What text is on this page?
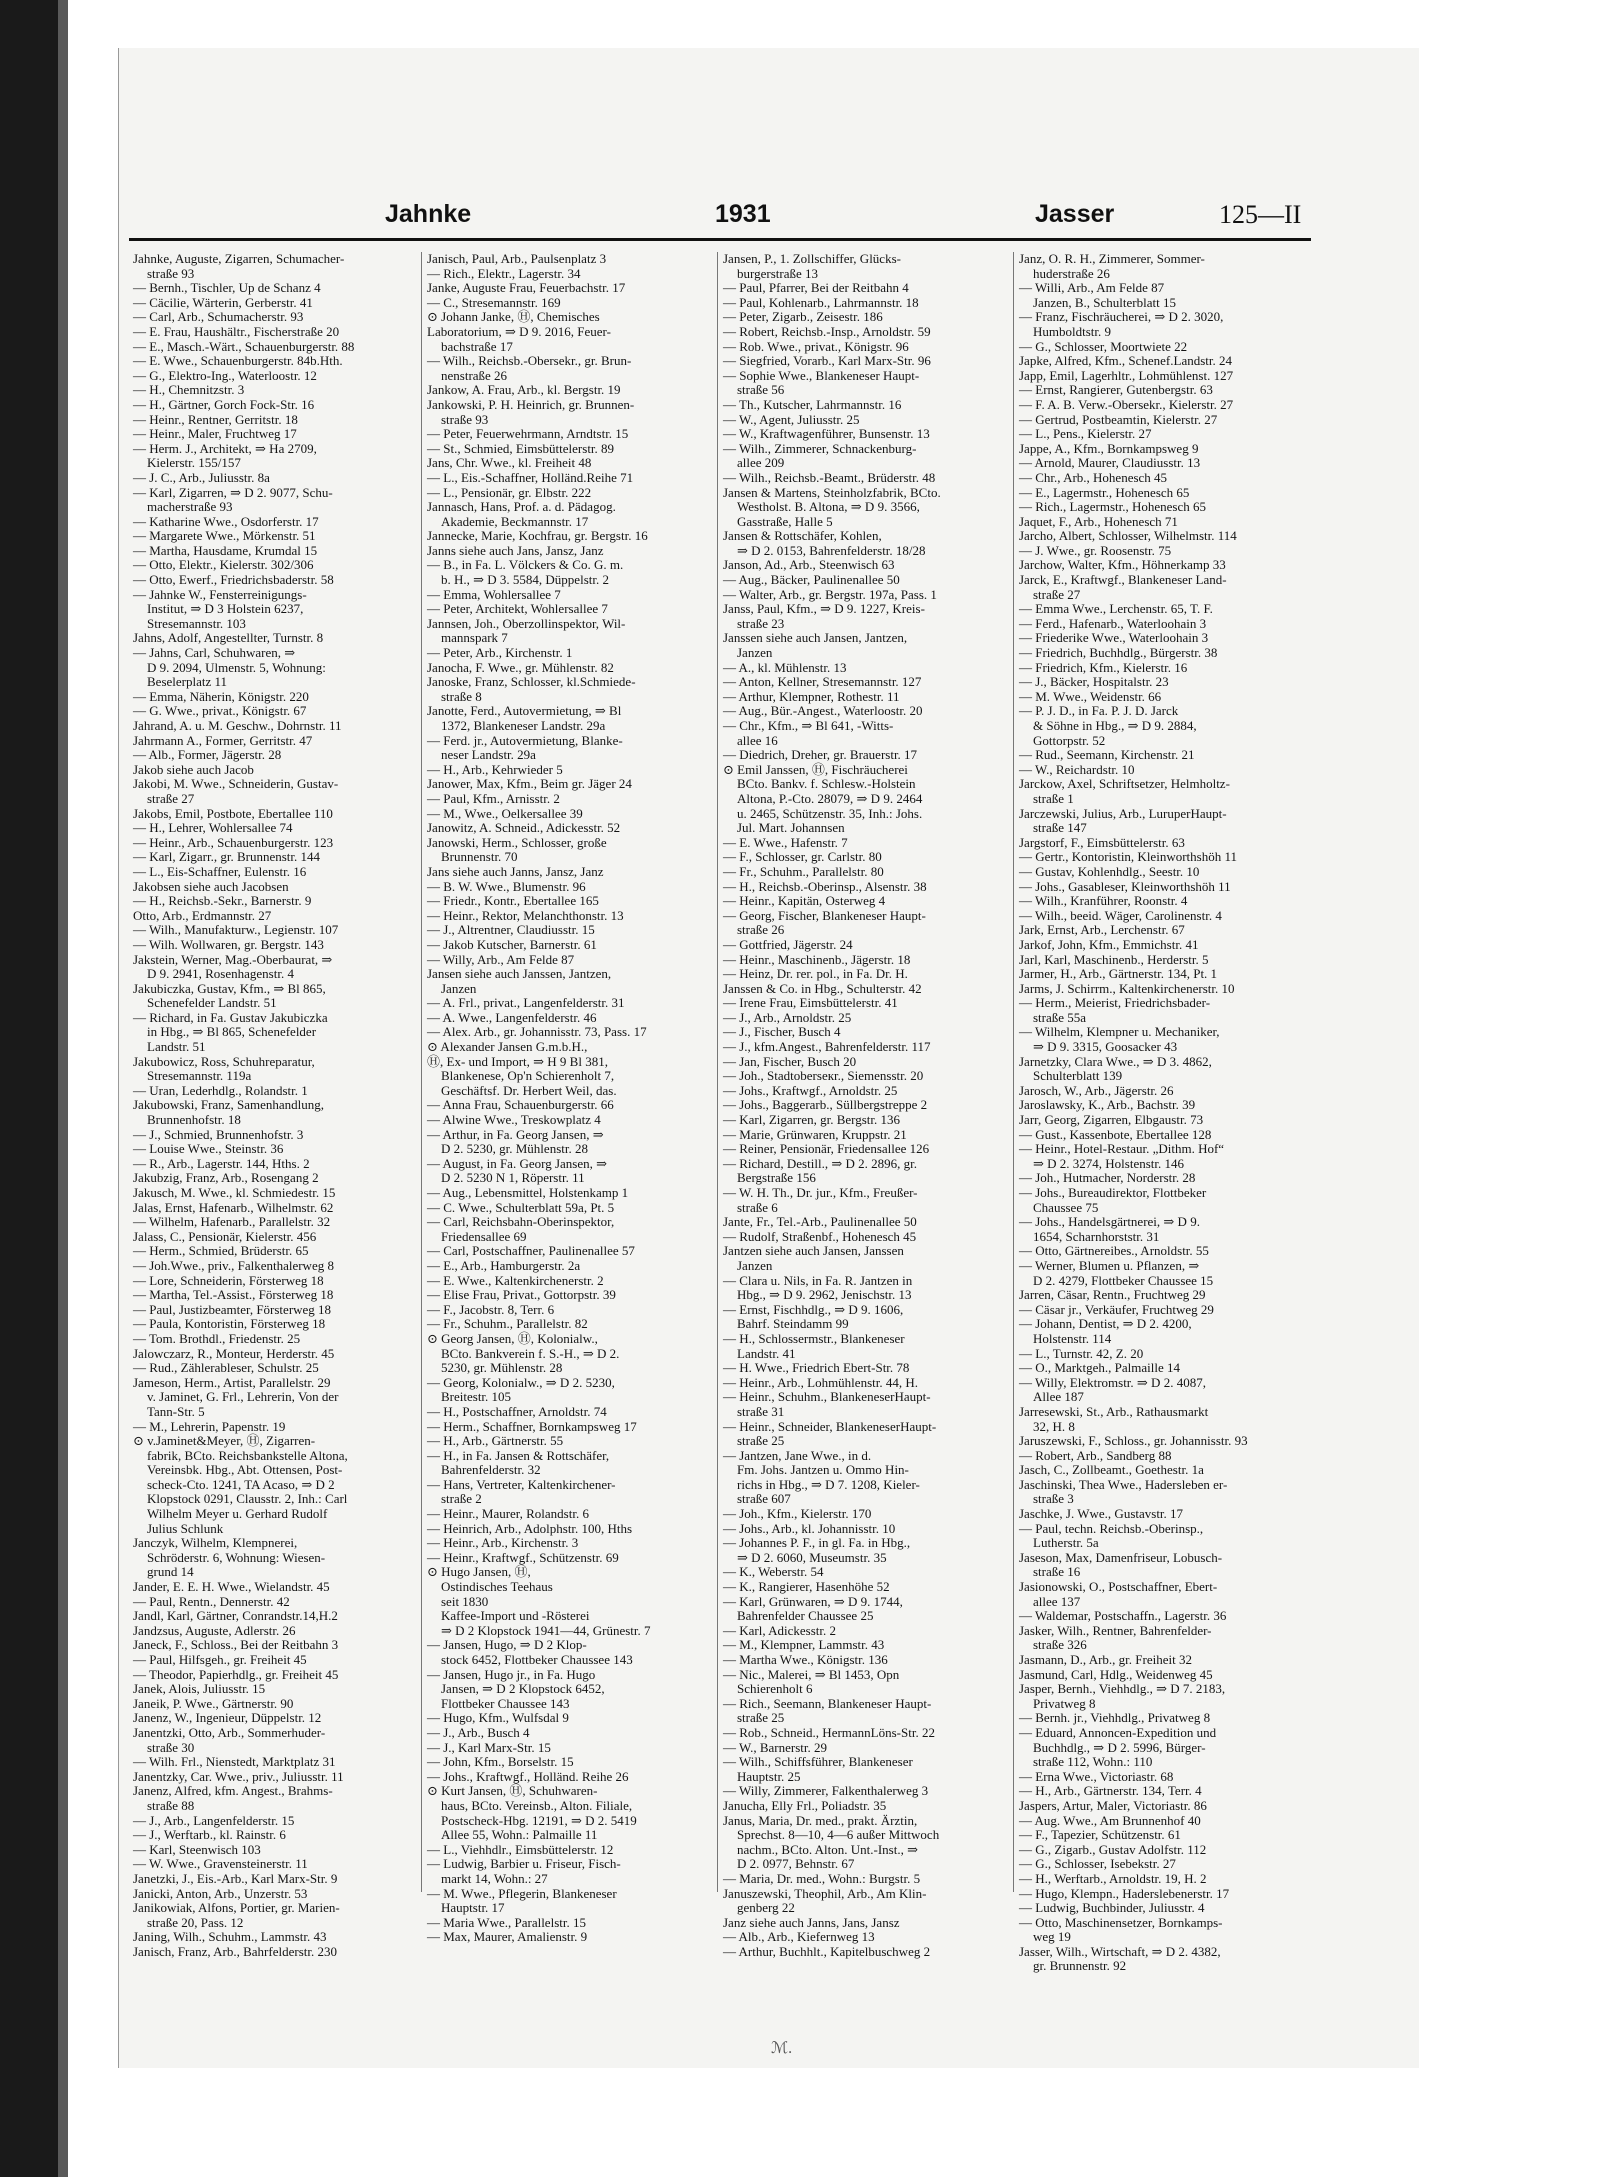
Jahnke	1931	Jasser	125—II
Jahnke, Auguste, Zigarren, Schumacher-
straße 93
— Bernh., Tischler, Up de Schanz 4
— Cäcilie, Wärterin, Gerberstr. 41
— Carl, Arb., Schumacherstr. 93
— E. Frau, Haushältr., Fischerstraße 20
— E., Masch.-Wärt., Schauenburgerstr. 88
— E. Wwe., Schauenburgerstr. 84b.Hth.
— G., Elektro-Ing., Waterloostr. 12
— H., Chemnitzstr. 3
— H., Gärtner, Gorch Fock-Str. 16
— Heinr., Rentner, Gerritstr. 18
— Heinr., Maler, Fruchtweg 17
— Herm. J., Architekt, ⇒ Ha 2709,
Kielerstr. 155/157
— J. C., Arb., Juliusstr. 8a
— Karl, Zigarren, ⇒ D 2. 9077, Schu-
macherstraße 93
— Katharine Wwe., Osdorferstr. 17
— Margarete Wwe., Mörkenstr. 51
— Martha, Hausdame, Krumdal 15
— Otto, Elektr., Kielerstr. 302/306
— Otto, Ewerf., Friedrichsbaderstr. 58
— Jahnke W., Fensterreinigungs-
Institut, ⇒ D 3 Holstein 6237,
Stresemannstr. 103
Jahns, Adolf, Angestellter, Turnstr. 8
— Jahns, Carl, Schuhwaren, ⇒
D 9. 2094, Ulmenstr. 5, Wohnung:
Beselerplatz 11
— Emma, Näherin, Königstr. 220
— G. Wwe., privat., Königstr. 67
Jahrand, A. u. M. Geschw., Dohrnstr. 11
Jahrmann A., Former, Gerritstr. 47
— Alb., Former, Jägerstr. 28
Jakob siehe auch Jacob
Jakobi, M. Wwe., Schneiderin, Gustav-
straße 27
Jakobs, Emil, Postbote, Ebertallee 110
— H., Lehrer, Wohlersallee 74
— Heinr., Arb., Schauenburgerstr. 123
— Karl, Zigarr., gr. Brunnenstr. 144
— L., Eis-Schaffner, Eulenstr. 16
Jakobsen siehe auch Jacobsen
— H., Reichsb.-Sekr., Barnerstr. 9
Otto, Arb., Erdmannstr. 27
— Wilh., Manufakturw., Legienstr. 107
— Wilh. Wollwaren, gr. Bergstr. 143
Jakstein, Werner, Mag.-Oberbaurat, ⇒
D 9. 2941, Rosenhagenstr. 4
Jakubiczka, Gustav, Kfm., ⇒ Bl 865,
Schenefelder Landstr. 51
— Richard, in Fa. Gustav Jakubiczka
in Hbg., ⇒ Bl 865, Schenefelder
Landstr. 51
Jakubowicz, Ross, Schuhreparatur,
Stresemannstr. 119a
— Uran, Lederhdlg., Rolandstr. 1
Jakubowski, Franz, Samenhandlung,
Brunnenhofstr. 18
— J., Schmied, Brunnenhofstr. 3
— Louise Wwe., Steinstr. 36
— R., Arb., Lagerstr. 144, Hths. 2
Jakubzig, Franz, Arb., Rosengang 2
Jakusch, M. Wwe., kl. Schmiedestr. 15
Jalas, Ernst, Hafenarb., Wilhelmstr. 62
— Wilhelm, Hafenarb., Parallelstr. 32
Jalass, C., Pensionär, Kielerstr. 456
— Herm., Schmied, Brüderstr. 65
— Joh.Wwe., priv., Falkenthalerweg 8
— Lore, Schneiderin, Försterweg 18
— Martha, Tel.-Assist., Försterweg 18
— Paul, Justizbeamter, Försterweg 18
— Paula, Kontoristin, Försterweg 18
— Tom. Brothdl., Friedenstr. 25
Jalowczarz, R., Monteur, Herderstr. 45
— Rud., Zählerableser, Schulstr. 25
Jameson, Herm., Artist, Parallelstr. 29
v. Jaminet, G. Frl., Lehrerin, Von der
Tann-Str. 5
— M., Lehrerin, Papenstr. 19
⊙ v.Jaminet&Meyer, Ⓗ, Zigarren-
fabrik, BCto. Reichsbankstelle Altona,
Vereinsbk. Hbg., Abt. Ottensen, Post-
scheck-Cto. 1241, TA Acaso, ⇒ D 2
Klopstock 0291, Clausstr. 2, Inh.: Carl
Wilhelm Meyer u. Gerhard Rudolf
Julius Schlunk
Janczyk, Wilhelm, Klempnerei,
Schröderstr. 6, Wohnung: Wiesen-
grund 14
Jander, E. E. H. Wwe., Wielandstr. 45
— Paul, Rentn., Dennerstr. 42
Jandl, Karl, Gärtner, Conrandstr.14,H.2
Jandzsus, Auguste, Adlerstr. 26
Janeck, F., Schloss., Bei der Reitbahn 3
— Paul, Hilfsgeh., gr. Freiheit 45
— Theodor, Papierhdlg., gr. Freiheit 45
Janek, Alois, Juliusstr. 15
Janeik, P. Wwe., Gärtnerstr. 90
Janenz, W., Ingenieur, Düppelstr. 12
Janentzki, Otto, Arb., Sommerhuder-
straße 30
— Wilh. Frl., Nienstedt, Marktplatz 31
Janentzky, Car. Wwe., priv., Juliusstr. 11
Janenz, Alfred, kfm. Angest., Brahms-
straße 88
— J., Arb., Langenfelderstr. 15
— J., Werftarb., kl. Rainstr. 6
— Karl, Steenwisch 103
— W. Wwe., Gravensteinerstr. 11
Janetzki, J., Eis.-Arb., Karl Marx-Str. 9
Janicki, Anton, Arb., Unzerstr. 53
Janikowiak, Alfons, Portier, gr. Marien-
straße 20, Pass. 12
Janing, Wilh., Schuhm., Lammstr. 43
Janisch, Franz, Arb., Bahrfelderstr. 230
Janisch, Paul, Arb., Paulsenplatz 3
— Rich., Elektr., Lagerstr. 34
Janke, Auguste Frau, Feuerbachstr. 17
— C., Stresemannstr. 169
⊙ Johann Janke, Ⓗ, Chemisches
Laboratorium, ⇒ D 9. 2016, Feuer-
bachstraße 17
— Wilh., Reichsb.-Obersekr., gr. Brun-
nenstraße 26
Jankow, A. Frau, Arb., kl. Bergstr. 19
Jankowski, P. H. Heinrich, gr. Brunnen-
straße 93
— Peter, Feuerwehrmann, Arndtstr. 15
— St., Schmied, Eimsbüttelerstr. 89
Jans, Chr. Wwe., kl. Freiheit 48
— L., Eis.-Schaffner, Holländ.Reihe 71
— L., Pensionär, gr. Elbstr. 222
Jannasch, Hans, Prof. a. d. Pädagog.
Akademie, Beckmannstr. 17
Jannecke, Marie, Kochfrau, gr. Bergstr. 16
Janns siehe auch Jans, Jansz, Janz
— B., in Fa. L. Völckers & Co. G. m.
b. H., ⇒ D 3. 5584, Düppelstr. 2
— Emma, Wohlersallee 7
— Peter, Architekt, Wohlersallee 7
Jannsen, Joh., Oberzollinspektor, Wil-
mannspark 7
— Peter, Arb., Kirchenstr. 1
Janocha, F. Wwe., gr. Mühlenstr. 82
Janoske, Franz, Schlosser, kl.Schmiede-
straße 8
Janotte, Ferd., Autovermietung, ⇒ Bl
1372, Blankeneser Landstr. 29a
— Ferd. jr., Autovermietung, Blanke-
neser Landstr. 29a
— H., Arb., Kehrwieder 5
Janower, Max, Kfm., Beim gr. Jäger 24
— Paul, Kfm., Arnisstr. 2
— M., Wwe., Oelkersallee 39
Janowitz, A. Schneid., Adickesstr. 52
Janowski, Herm., Schlosser, große
Brunnenstr. 70
Jans siehe auch Janns, Jansz, Janz
— B. W. Wwe., Blumenstr. 96
— Friedr., Kontr., Ebertallee 165
— Heinr., Rektor, Melanchthonstr. 13
— J., Altrentner, Claudiusstr. 15
— Jakob Kutscher, Barnerstr. 61
— Willy, Arb., Am Felde 87
Jansen siehe auch Janssen, Jantzen,
Janzen
— A. Frl., privat., Langenfelderstr. 31
— A. Wwe., Langenfelderstr. 46
— Alex. Arb., gr. Johannisstr. 73, Pass. 17
⊙ Alexander Jansen G.m.b.H.,
Ⓗ, Ex- und Import, ⇒ H 9 Bl 381,
Blankenese, Op'n Schierenholt 7,
Geschäftsf. Dr. Herbert Weil, das.
— Anna Frau, Schauenburgerstr. 66
— Alwine Wwe., Treskowplatz 4
— Arthur, in Fa. Georg Jansen, ⇒
D 2. 5230, gr. Mühlenstr. 28
— August, in Fa. Georg Jansen, ⇒
D 2. 5230 N 1, Röperstr. 11
— Aug., Lebensmittel, Holstenkamp 1
— C. Wwe., Schulterblatt 59a, Pt. 5
— Carl, Reichsbahn-Oberinspektor,
Friedensallee 69
— Carl, Postschaffner, Paulinenallee 57
— E., Arb., Hamburgerstr. 2a
— E. Wwe., Kaltenkirchenerstr. 2
— Elise Frau, Privat., Gottorpstr. 39
— F., Jacobstr. 8, Terr. 6
— Fr., Schuhm., Parallelstr. 82
⊙ Georg Jansen, Ⓗ, Kolonialw.,
BCto. Bankverein f. S.-H., ⇒ D 2.
5230, gr. Mühlenstr. 28
— Georg, Kolonialw., ⇒ D 2. 5230,
Breitestr. 105
— H., Postschaffner, Arnoldstr. 74
— Herm., Schaffner, Bornkampsweg 17
— H., Arb., Gärtnerstr. 55
— H., in Fa. Jansen & Rottschäfer,
Bahrenfelderstr. 32
— Hans, Vertreter, Kaltenkirchener-
straße 2
— Heinr., Maurer, Rolandstr. 6
— Heinrich, Arb., Adolphstr. 100, Hths
— Heinr., Arb., Kirchenstr. 3
— Heinr., Kraftwgf., Schützenstr. 69
⊙ Hugo Jansen, Ⓗ,
Ostindisches Teehaus
seit 1830
Kaffee-Import und -Rösterei
⇒ D 2 Klopstock 1941—44, Grünestr. 7
— Jansen, Hugo, ⇒ D 2 Klop-
stock 6452, Flottbeker Chaussee 143
— Jansen, Hugo jr., in Fa. Hugo
Jansen, ⇒ D 2 Klopstock 6452,
Flottbeker Chaussee 143
— Hugo, Kfm., Wulfsdal 9
— J., Arb., Busch 4
— J., Karl Marx-Str. 15
— John, Kfm., Borselstr. 15
— Johs., Kraftwgf., Holländ. Reihe 26
⊙ Kurt Jansen, Ⓗ, Schuhwaren-
haus, BCto. Vereinsb., Alton. Filiale,
Postscheck-Hbg. 12191, ⇒ D 2. 5419
Allee 55, Wohn.: Palmaille 11
— L., Viehhdlr., Eimsbüttelerstr. 12
— Ludwig, Barbier u. Friseur, Fisch-
markt 14, Wohn.: 27
— M. Wwe., Pflegerin, Blankeneser
Hauptstr. 17
— Maria Wwe., Parallelstr. 15
— Max, Maurer, Amalienstr. 9
Jansen, P., 1. Zollschiffer, Glücks-
burgerstraße 13
— Paul, Pfarrer, Bei der Reitbahn 4
— Paul, Kohlenarb., Lahrmannstr. 18
— Peter, Zigarb., Zeisestr. 186
— Robert, Reichsb.-Insp., Arnoldstr. 59
— Rob. Wwe., privat., Königstr. 96
— Siegfried, Vorarb., Karl Marx-Str. 96
— Sophie Wwe., Blankeneser Haupt-
straße 56
— Th., Kutscher, Lahrmannstr. 16
— W., Agent, Juliusstr. 25
— W., Kraftwagenführer, Bunsenstr. 13
— Wilh., Zimmerer, Schnackenburg-
allee 209
— Wilh., Reichsb.-Beamt., Brüderstr. 48
Jansen & Martens, Steinholzfabrik, BCto.
Westholst. B. Altona, ⇒ D 9. 3566,
Gasstraße, Halle 5
Jansen & Rottschäfer, Kohlen,
⇒ D 2. 0153, Bahrenfelderstr. 18/28
Janson, Ad., Arb., Steenwisch 63
— Aug., Bäcker, Paulinenallee 50
— Walter, Arb., gr. Bergstr. 197a, Pass. 1
Janss, Paul, Kfm., ⇒ D 9. 1227, Kreis-
straße 23
Janssen siehe auch Jansen, Jantzen,
Janzen
— A., kl. Mühlenstr. 13
— Anton, Kellner, Stresemannstr. 127
— Arthur, Klempner, Rothestr. 11
— Aug., Bür.-Angest., Waterloostr. 20
— Chr., Kfm., ⇒ Bl 641, -Witts-
allee 16
— Diedrich, Dreher, gr. Brauerstr. 17
⊙ Emil Janssen, Ⓗ, Fischräucherei
BCto. Bankv. f. Schlesw.-Holstein
Altona, P.-Cto. 28079, ⇒ D 9. 2464
u. 2465, Schützenstr. 35, Inh.: Johs.
Jul. Mart. Johannsen
— E. Wwe., Hafenstr. 7
— F., Schlosser, gr. Carlstr. 80
— Fr., Schuhm., Parallelstr. 80
— H., Reichsb.-Oberinsp., Alsenstr. 38
— Heinr., Kapitän, Osterweg 4
— Georg, Fischer, Blankeneser Haupt-
straße 26
— Gottfried, Jägerstr. 24
— Heinr., Maschinenb., Jägerstr. 18
— Heinz, Dr. rer. pol., in Fa. Dr. H.
Janssen & Co. in Hbg., Schulterstr. 42
— Irene Frau, Eimsbüttelerstr. 41
— J., Arb., Arnoldstr. 25
— J., Fischer, Busch 4
— J., kfm.Angest., Bahrenfelderstr. 117
— Jan, Fischer, Busch 20
— Joh., Stadtoberseкr., Siemensstr. 20
— Johs., Kraftwgf., Arnoldstr. 25
— Johs., Baggerarb., Süllbergstreppe 2
— Karl, Zigarren, gr. Bergstr. 136
— Marie, Grünwaren, Kruppstr. 21
— Reiner, Pensionär, Friedensallee 126
— Richard, Destill., ⇒ D 2. 2896, gr.
Bergstraße 156
— W. H. Th., Dr. jur., Kfm., Freußer-
straße 6
Jante, Fr., Tel.-Arb., Paulinenallee 50
— Rudolf, Straßenbf., Hohenesch 45
Jantzen siehe auch Jansen, Janssen
Janzen
— Clara u. Nils, in Fa. R. Jantzen in
Hbg., ⇒ D 9. 2962, Jenischstr. 13
— Ernst, Fischhdlg., ⇒ D 9. 1606,
Bahrf. Steindamm 99
— H., Schlossermstr., Blankeneser
Landstr. 41
— H. Wwe., Friedrich Ebert-Str. 78
— Heinr., Arb., Lohmühlenstr. 44, H.
— Heinr., Schuhm., BlankeneserHaupt-
straße 31
— Heinr., Schneider, BlankeneserHaupt-
straße 25
— Jantzen, Jane Wwe., in d.
Fm. Johs. Jantzen u. Ommo Hin-
richs in Hbg., ⇒ D 7. 1208, Kieler-
straße 607
— Joh., Kfm., Kielerstr. 170
— Johs., Arb., kl. Johannisstr. 10
— Johannes P. F., in gl. Fa. in Hbg.,
⇒ D 2. 6060, Museumstr. 35
— K., Weberstr. 54
— K., Rangierer, Hasenhöhe 52
— Karl, Grünwaren, ⇒ D 9. 1744,
Bahrenfelder Chaussee 25
— Karl, Adickesstr. 2
— M., Klempner, Lammstr. 43
— Martha Wwe., Königstr. 136
— Nic., Malerei, ⇒ Bl 1453, Opn
Schierenholt 6
— Rich., Seemann, Blankeneser Haupt-
straße 25
— Rob., Schneid., HermannLöns-Str. 22
— W., Barnerstr. 29
— Wilh., Schiffsführer, Blankeneser
Hauptstr. 25
— Willy, Zimmerer, Falkenthalerweg 3
Janucha, Elly Frl., Poliadstr. 35
Janus, Maria, Dr. med., prakt. Ärztin,
Sprechst. 8—10, 4—6 außer Mittwoch
nachm., BCto. Alton. Unt.-Inst., ⇒
D 2. 0977, Behnstr. 67
— Maria, Dr. med., Wohn.: Burgstr. 5
Januszewski, Theophil, Arb., Am Klin-
genberg 22
Janz siehe auch Janns, Jans, Jansz
— Alb., Arb., Kiefernweg 13
— Arthur, Buchhlt., Kapitelbuschweg 2
Janz, O. R. H., Zimmerer, Sommer-
huderstraße 26
— Willi, Arb., Am Felde 87
Janzen, B., Schulterblatt 15
— Franz, Fischräucherei, ⇒ D 2. 3020,
Humboldtstr. 9
— G., Schlosser, Moortwiete 22
Japke, Alfred, Kfm., Schenef.Landstr. 24
Japp, Emil, Lagerhltr., Lohmühlenst. 127
— Ernst, Rangierer, Gutenbergstr. 63
— F. A. B. Verw.-Obersekr., Kielerstr. 27
— Gertrud, Postbeamtin, Kielerstr. 27
— L., Pens., Kielerstr. 27
Jappe, A., Kfm., Bornkampsweg 9
— Arnold, Maurer, Claudiusstr. 13
— Chr., Arb., Hohenesch 45
— E., Lagermstr., Hohenesch 65
— Rich., Lagermstr., Hohenesch 65
Jaquet, F., Arb., Hohenesch 71
Jarcho, Albert, Schlosser, Wilhelmstr. 114
— J. Wwe., gr. Roosenstr. 75
Jarchow, Walter, Kfm., Höhnerkamp 33
Jarck, E., Kraftwgf., Blankeneser Land-
straße 27
— Emma Wwe., Lerchenstr. 65, T. F.
— Ferd., Hafenarb., Waterloohain 3
— Friederike Wwe., Waterloohain 3
— Friedrich, Buchhdlg., Bürgerstr. 38
— Friedrich, Kfm., Kielerstr. 16
— J., Bäcker, Hospitalstr. 23
— M. Wwe., Weidenstr. 66
— P. J. D., in Fa. P. J. D. Jarck
& Söhne in Hbg., ⇒ D 9. 2884,
Gottorpstr. 52
— Rud., Seemann, Kirchenstr. 21
— W., Reichardstr. 10
Jarckow, Axel, Schriftsetzer, Helmholtz-
straße 1
Jarczewski, Julius, Arb., LuruperHaupt-
straße 147
Jargstorf, F., Eimsbüttelerstr. 63
— Gertr., Kontoristin, Kleinworthshöh 11
— Gustav, Kohlenhdlg., Seestr. 10
— Johs., Gasableser, Kleinworthshöh 11
— Wilh., Kranführer, Roonstr. 4
— Wilh., beeid. Wäger, Carolinenstr. 4
Jark, Ernst, Arb., Lerchenstr. 67
Jarkof, John, Kfm., Emmichstr. 41
Jarl, Karl, Maschinenb., Herderstr. 5
Jarmer, H., Arb., Gärtnerstr. 134, Pt. 1
Jarms, J. Schirrm., Kaltenkirchenerstr. 10
— Herm., Meierist, Friedrichsbader-
straße 55a
— Wilhelm, Klempner u. Mechaniker,
⇒ D 9. 3315, Goosacker 43
Jarnetzky, Clara Wwe., ⇒ D 3. 4862,
Schulterblatt 139
Jarosch, W., Arb., Jägerstr. 26
Jaroslawsky, K., Arb., Bachstr. 39
Jarr, Georg, Zigarren, Elbgaustr. 73
— Gust., Kassenbote, Ebertallee 128
— Heinr., Hotel-Restaur. „Dithm. Hof“
⇒ D 2. 3274, Holstenstr. 146
— Joh., Hutmacher, Norderstr. 28
— Johs., Bureaudirektor, Flottbeker
Chaussee 75
— Johs., Handelsgärtnerei, ⇒ D 9.
1654, Scharnhorststr. 31
— Otto, Gärtnereibes., Arnoldstr. 55
— Werner, Blumen u. Pflanzen, ⇒
D 2. 4279, Flottbeker Chaussee 15
Jarren, Cäsar, Rentn., Fruchtweg 29
— Cäsar jr., Verkäufer, Fruchtweg 29
— Johann, Dentist, ⇒ D 2. 4200,
Holstenstr. 114
— L., Turnstr. 42, Z. 20
— O., Marktgeh., Palmaille 14
— Willy, Elektromstr. ⇒ D 2. 4087,
Allee 187
Jarresewski, St., Arb., Rathausmarkt
32, H. 8
Jaruszewski, F., Schloss., gr. Johannisstr. 93
— Robert, Arb., Sandberg 88
Jasch, C., Zollbeamt., Goethestr. 1a
Jaschinski, Thea Wwe., Hadersleben er-
straße 3
Jaschke, J. Wwe., Gustavstr. 17
— Paul, techn. Reichsb.-Oberinsp.,
Lutherstr. 5a
Jaseson, Max, Damenfriseur, Lobusch-
straße 16
Jasionowski, O., Postschaffner, Ebert-
allee 137
— Waldemar, Postschaffn., Lagerstr. 36
Jasker, Wilh., Rentner, Bahrenfelder-
straße 326
Jasmann, D., Arb., gr. Freiheit 32
Jasmund, Carl, Hdlg., Weidenweg 45
Jasper, Bernh., Viehhdlg., ⇒ D 7. 2183,
Privatweg 8
— Bernh. jr., Viehhdlg., Privatweg 8
— Eduard, Annoncen-Expedition und
Buchhdlg., ⇒ D 2. 5996, Bürger-
straße 112, Wohn.: 110
— Erna Wwe., Victoriastr. 68
— H., Arb., Gärtnerstr. 134, Terr. 4
Jaspers, Artur, Maler, Victoriastr. 86
— Aug. Wwe., Am Brunnenhof 40
— F., Tapezier, Schützenstr. 61
— G., Zigarb., Gustav Adolfstr. 112
— G., Schlosser, Isebekstr. 27
— H., Werftarb., Arnoldstr. 19, H. 2
— Hugo, Klempn., Haderslebenerstr. 17
— Ludwig, Buchbinder, Juliusstr. 4
— Otto, Maschinensetzer, Bornkamps-
weg 19
Jasser, Wilh., Wirtschaft, ⇒ D 2. 4382,
gr. Brunnenstr. 92
ℳ.
